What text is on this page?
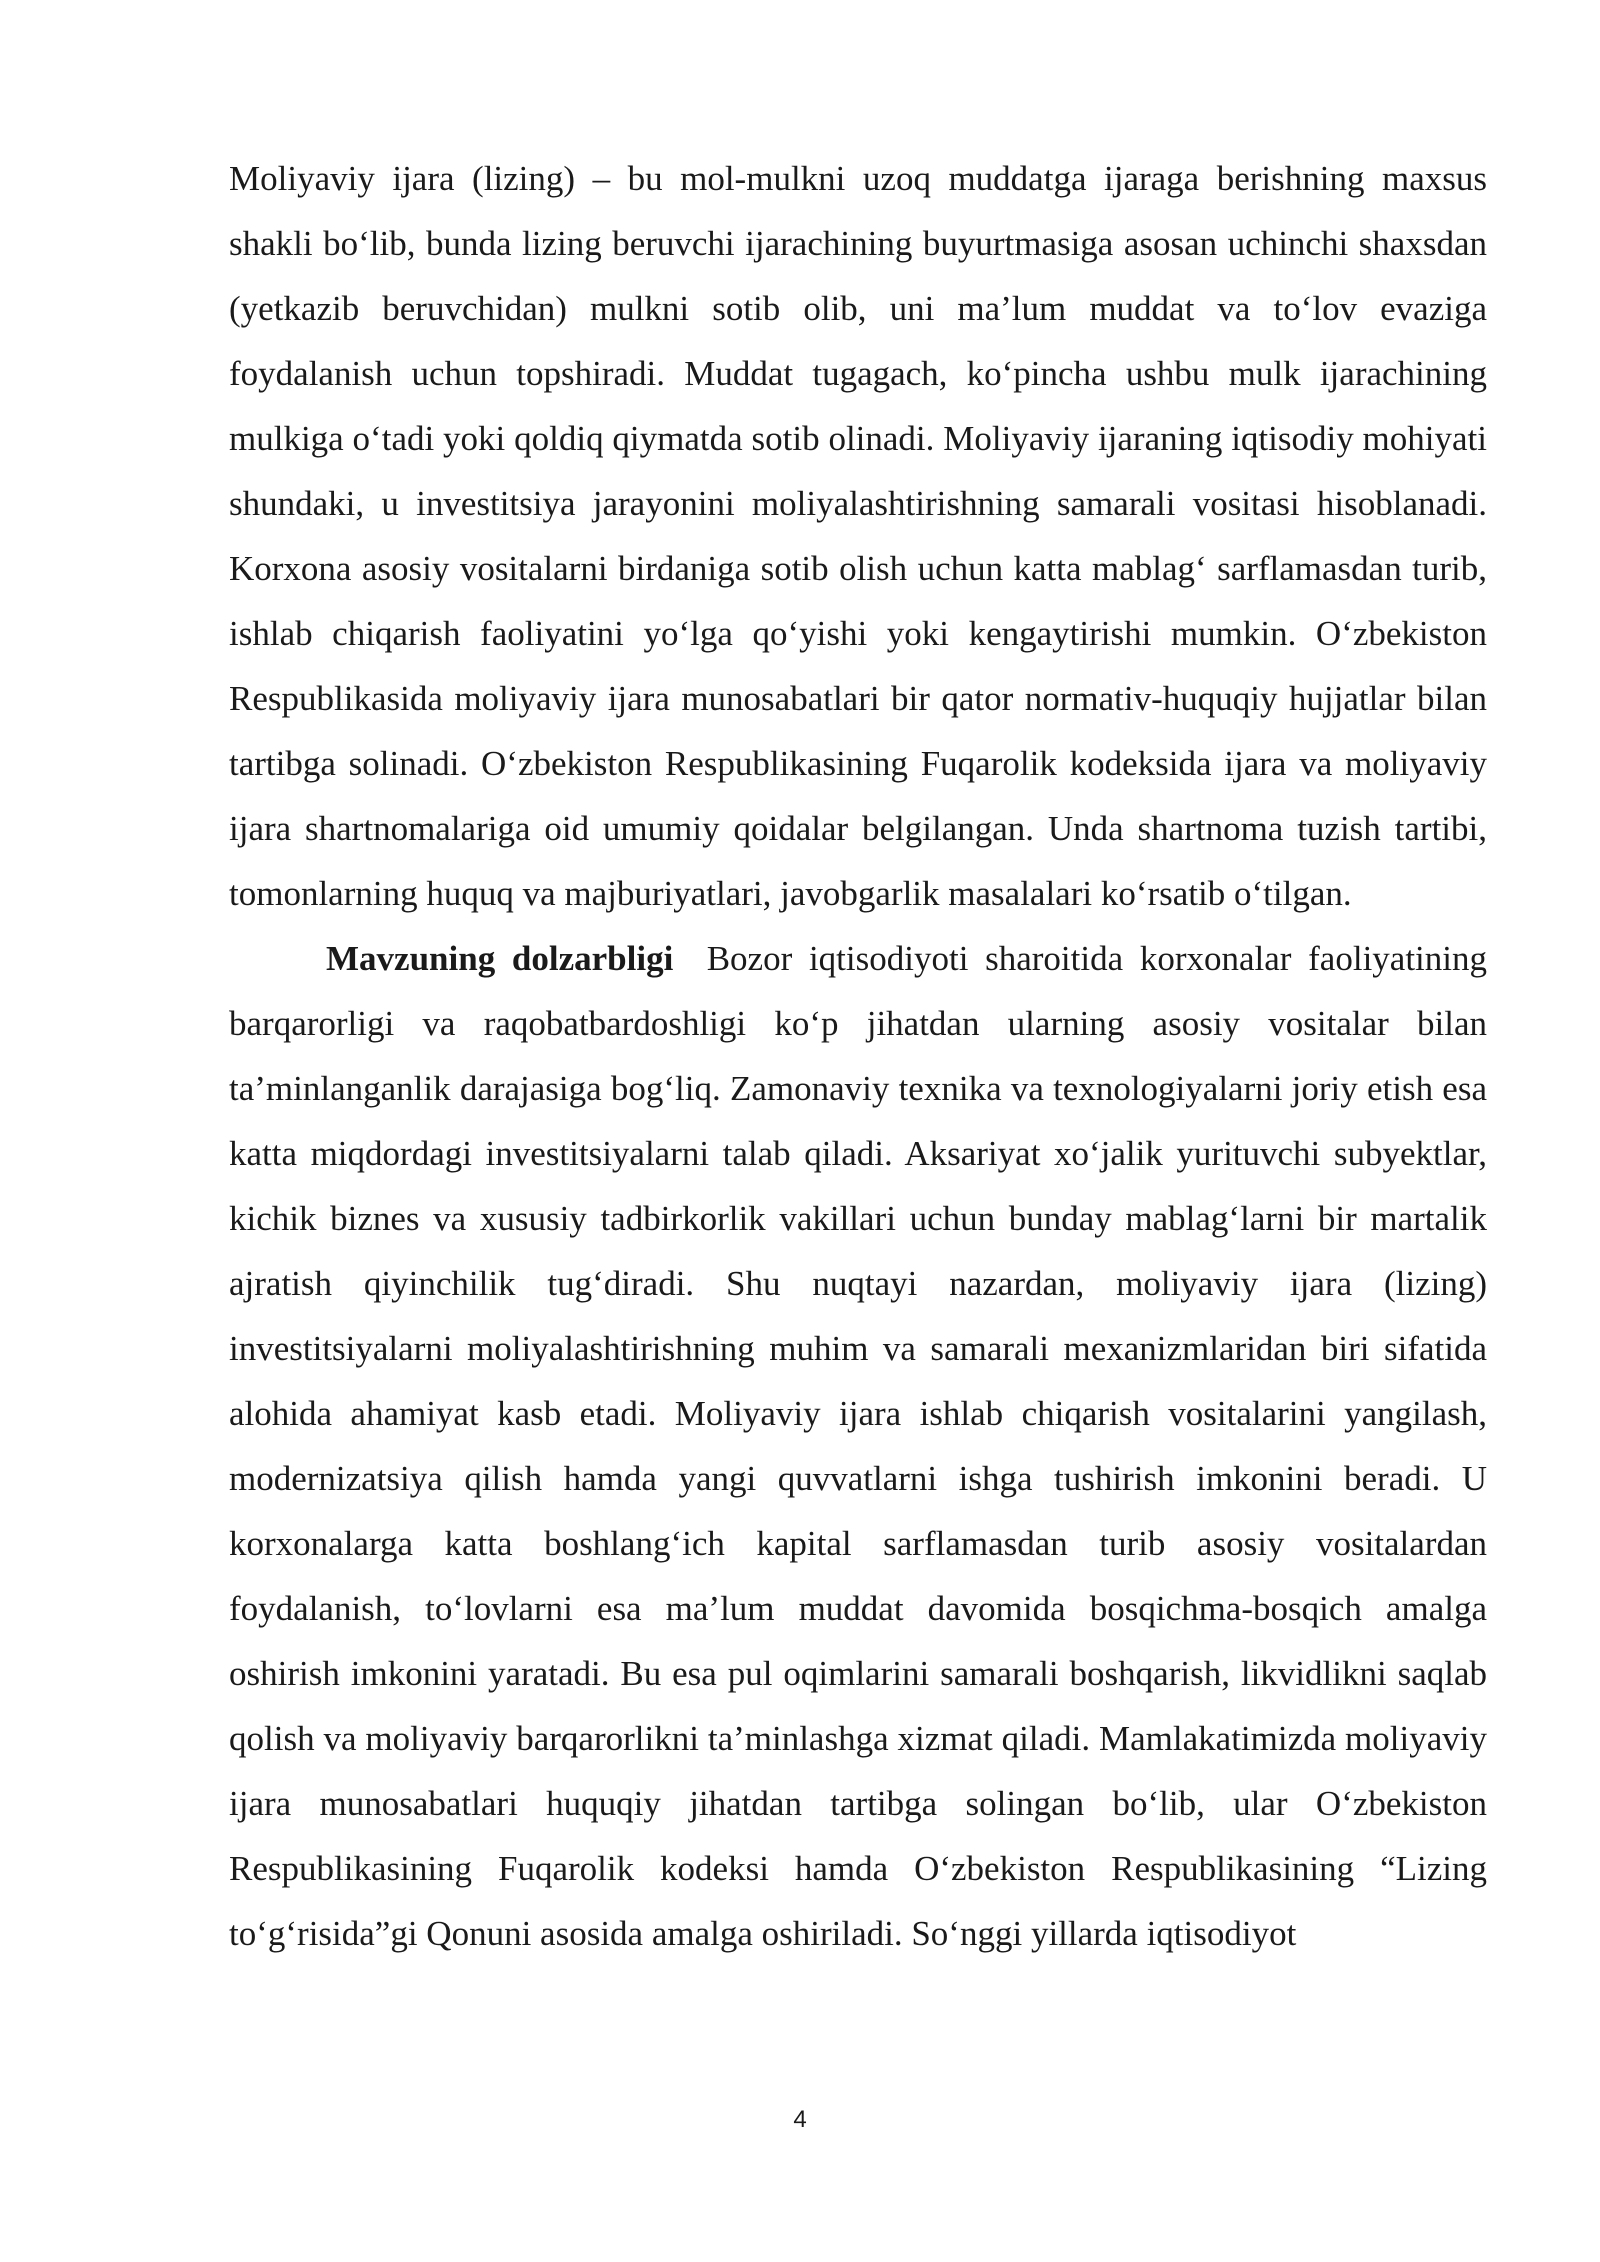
Moliyaviy ijara (lizing) – bu mol-mulkni uzoq muddatga ijaraga berishning maxsus shakli bo‘lib, bunda lizing beruvchi ijarachining buyurtmasiga asosan uchinchi shaxsdan (yetkazib beruvchidan) mulkni sotib olib, uni ma’lum muddat va to‘lov evaziga foydalanish uchun topshiradi. Muddat tugagach, ko‘pincha ushbu mulk ijarachining mulkiga o‘tadi yoki qoldiq qiymatda sotib olinadi. Moliyaviy ijaraning iqtisodiy mohiyati shundaki, u investitsiya jarayonini moliyalashtirishning samarali vositasi hisoblanadi. Korxona asosiy vositalarni birdaniga sotib olish uchun katta mablag‘ sarflamasdan turib, ishlab chiqarish faoliyatini yo‘lga qo‘yishi yoki kengaytirishi mumkin. O‘zbekiston Respublikasida moliyaviy ijara munosabatlari bir qator normativ-huquqiy hujjatlar bilan tartibga solinadi. O‘zbekiston Respublikasining Fuqarolik kodeksida ijara va moliyaviy ijara shartnomalariga oid umumiy qoidalar belgilangan. Unda shartnoma tuzish tartibi, tomonlarning huquq va majburiyatlari, javobgarlik masalalari ko‘rsatib o‘tilgan.

Mavzuning dolzarbligi  Bozor iqtisodiyoti sharoitida korxonalar faoliyatining barqarorligi va raqobatbardoshligi ko‘p jihatdan ularning asosiy vositalar bilan ta’minlanganlik darajasiga bog‘liq. Zamonaviy texnika va texnologiyalarni joriy etish esa katta miqdordagi investitsiyalarni talab qiladi. Aksariyat xo‘jalik yurituvchi subyektlar, kichik biznes va xususiy tadbirkorlik vakillari uchun bunday mablag‘larni bir martalik ajratish qiyinchilik tug‘diradi. Shu nuqtayi nazardan, moliyaviy ijara (lizing) investitsiyalarni moliyalashtirishning muhim va samarali mexanizmlaridan biri sifatida alohida ahamiyat kasb etadi. Moliyaviy ijara ishlab chiqarish vositalarini yangilash, modernizatsiya qilish hamda yangi quvvatlarni ishga tushirish imkonini beradi. U korxonalarga katta boshlang‘ich kapital sarflamasdan turib asosiy vositalardan foydalanish, to‘lovlarni esa ma’lum muddat davomida bosqichma-bosqich amalga oshirish imkonini yaratadi. Bu esa pul oqimlarini samarali boshqarish, likvidlikni saqlab qolish va moliyaviy barqarorlikni ta’minlashga xizmat qiladi. Mamlakatimizda moliyaviy ijara munosabatlari huquqiy jihatdan tartibga solingan bo‘lib, ular O‘zbekiston Respublikasining Fuqarolik kodeksi hamda O‘zbekiston Respublikasining “Lizing to‘g‘risida”gi Qonuni asosida amalga oshiriladi. So‘nggi yillarda iqtisodiyot

4
